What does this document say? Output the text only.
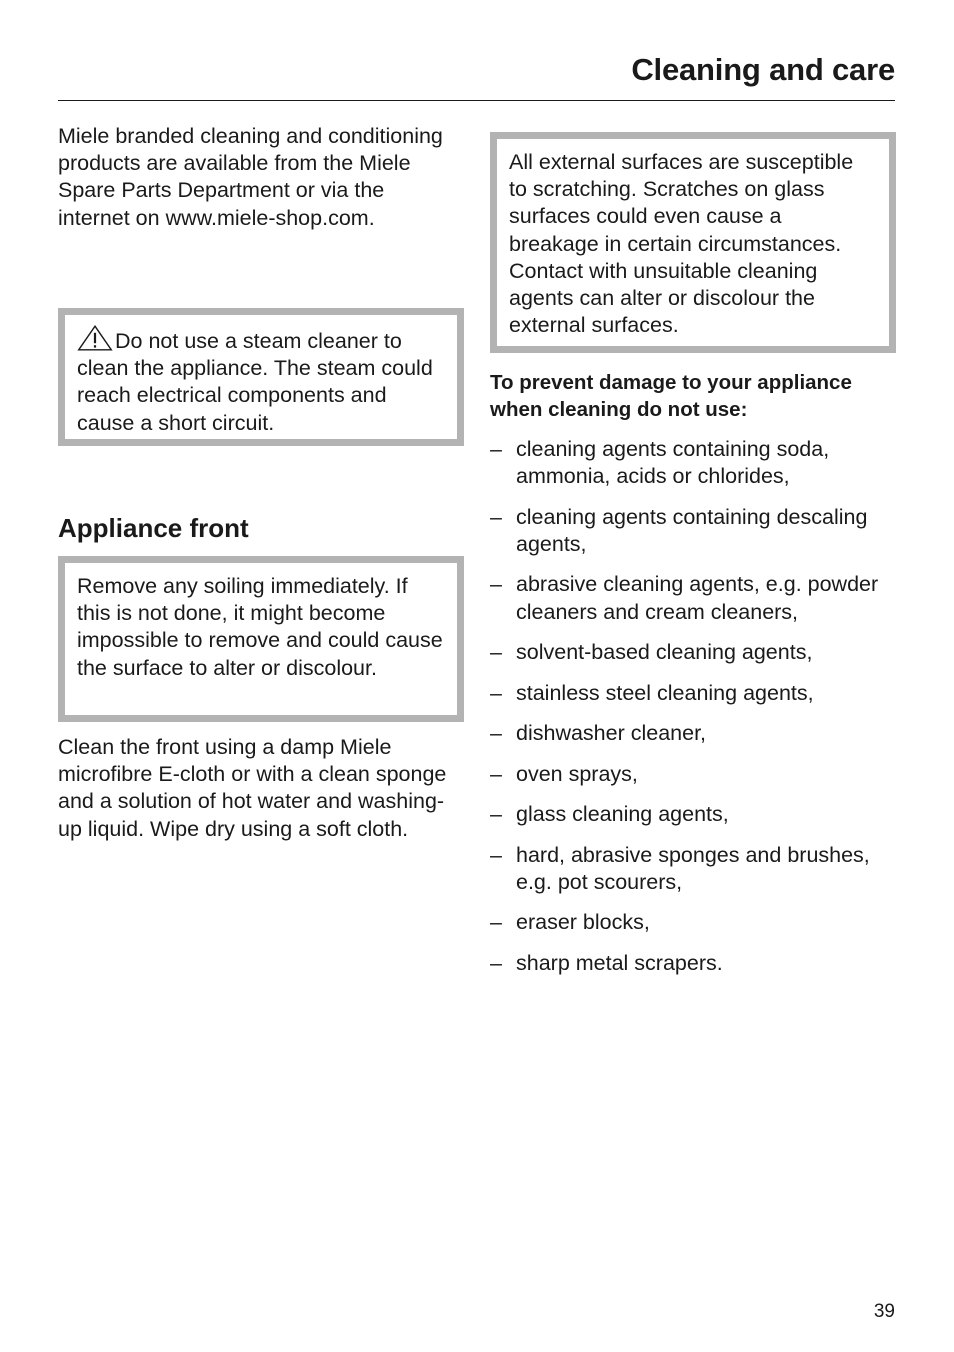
Cleaning and care

Miele branded cleaning and conditioning products are available from the Miele Spare Parts Department or via the internet on www.miele-shop.com.

Do not use a steam cleaner to clean the appliance. The steam could reach electrical components and cause a short circuit.

Appliance front

Remove any soiling immediately. If this is not done, it might become impossible to remove and could cause the surface to alter or discolour.

Clean the front using a damp Miele microfibre E-cloth or with a clean sponge and a solution of hot water and washing-up liquid. Wipe dry using a soft cloth.

All external surfaces are susceptible to scratching. Scratches on glass surfaces could even cause a breakage in certain circumstances. Contact with unsuitable cleaning agents can alter or discolour the external surfaces.

To prevent damage to your appliance when cleaning do not use:

– cleaning agents containing soda, ammonia, acids or chlorides,
– cleaning agents containing descaling agents,
– abrasive cleaning agents, e.g. powder cleaners and cream cleaners,
– solvent-based cleaning agents,
– stainless steel cleaning agents,
– dishwasher cleaner,
– oven sprays,
– glass cleaning agents,
– hard, abrasive sponges and brushes, e.g. pot scourers,
– eraser blocks,
– sharp metal scrapers.
39
